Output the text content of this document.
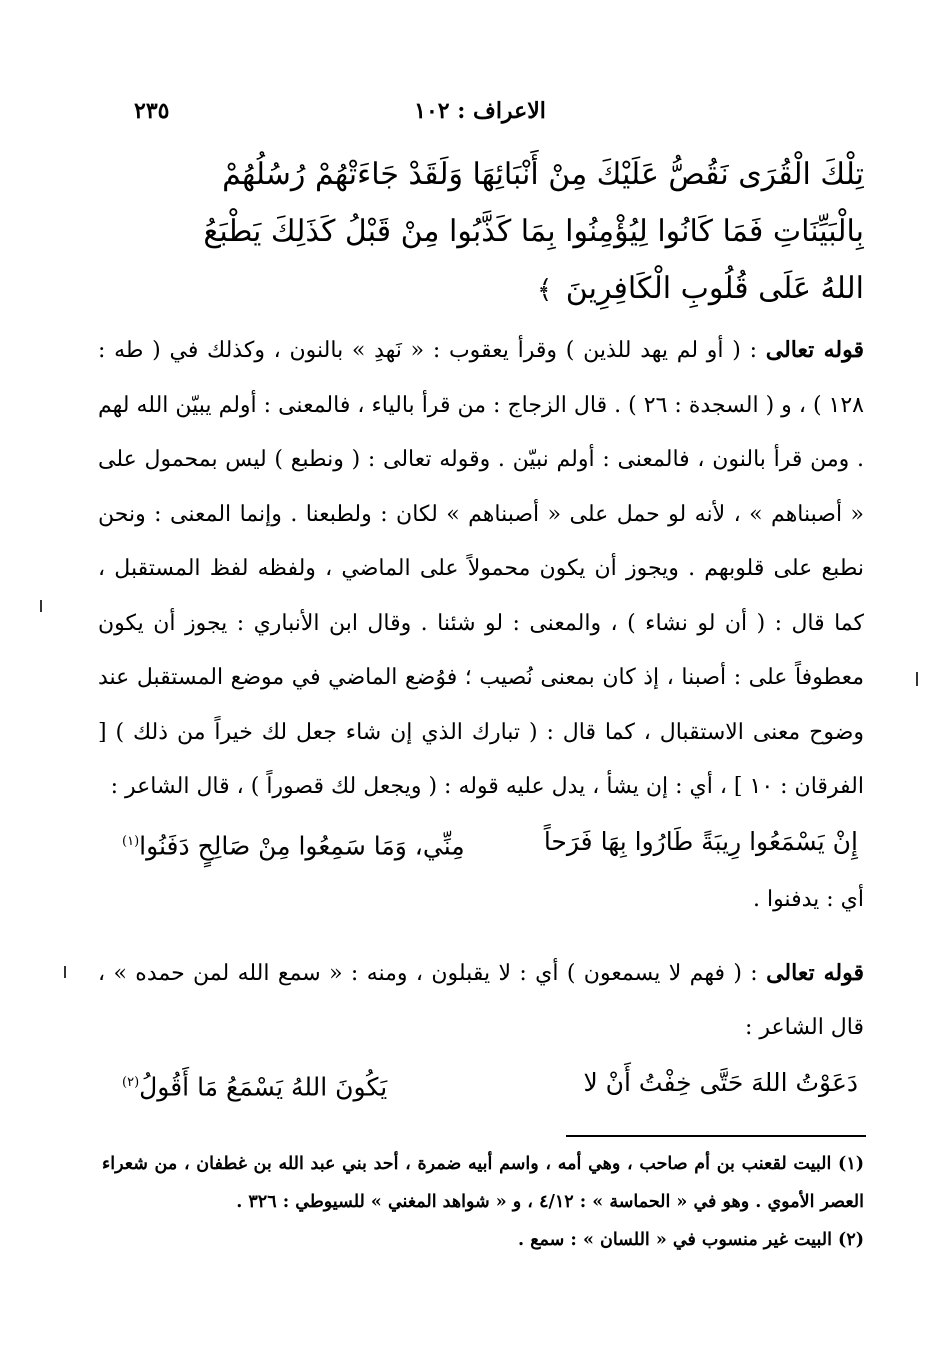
الاعراف : ١٠٢
٢٣٥
تِلْكَ الْقُرَى نَقُصُّ عَلَيْكَ مِنْ أَنْبَائِهَا وَلَقَدْ جَاءَتْهُمْ رُسُلُهُمْ
بِالْبَيِّنَاتِ فَمَا كَانُوا لِيُؤْمِنُوا بِمَا كَذَّبُوا مِنْ قَبْلُ كَذَلِكَ يَطْبَعُ
اللهُ عَلَى قُلُوبِ الْكَافِرِينَ ﴾

قوله تعالى : ( أو لم يهد للذين ) وقرأ يعقوب : « نَهدِ » بالنون ، وكذلك في ( طه : ١٢٨ ) ، و ( السجدة : ٢٦ ) . قال الزجاج : من قرأ بالياء ، فالمعنى : أولم يبيّن الله لهم . ومن قرأ بالنون ، فالمعنى : أولم نبيّن . وقوله تعالى : ( ونطبع ) ليس بمحمول على « أصبناهم » ، لأنه لو حمل على « أصبناهم » لكان : ولطبعنا . وإنما المعنى : ونحن نطبع على قلوبهم . ويجوز أن يكون محمولاً على الماضي ، ولفظه لفظ المستقبل ، كما قال : ( أن لو نشاء ) ، والمعنى : لو شئنا . وقال ابن الأنباري : يجوز أن يكون معطوفاً على : أصبنا ، إذ كان بمعنى نُصيب ؛ فوُضع الماضي في موضع المستقبل عند وضوح معنى الاستقبال ، كما قال : ( تبارك الذي إن شاء جعل لك خيراً من ذلك ) [ الفرقان : ١٠ ] ، أي : إن يشأ ، يدل عليه قوله : ( ويجعل لك قصوراً ) ، قال الشاعر :

إِنْ يَسْمَعُوا رِيبَةً طَارُوا بِهَا فَرَحاً
مِنِّي، وَمَا سَمِعُوا مِنْ صَالِحٍ دَفَنُوا$^{(١)}$

أي : يدفنوا .

قوله تعالى : ( فهم لا يسمعون ) أي : لا يقبلون ، ومنه : « سمع الله لمن حمده » ، قال الشاعر :

دَعَوْتُ اللهَ حَتَّى خِفْتُ أَنْ لا
يَكُونَ اللهُ يَسْمَعُ مَا أَقُولُ$^{(٢)}$

(١) البيت لقعنب بن أم صاحب ، وهي أمه ، واسم أبيه ضمرة ، أحد بني عبد الله بن غطفان ، من شعراء العصر الأموي . وهو في « الحماسة » : ٤/١٢ ، و « شواهد المغني » للسيوطي : ٣٢٦ .

(٢) البيت غير منسوب في « اللسان » : سمع .
